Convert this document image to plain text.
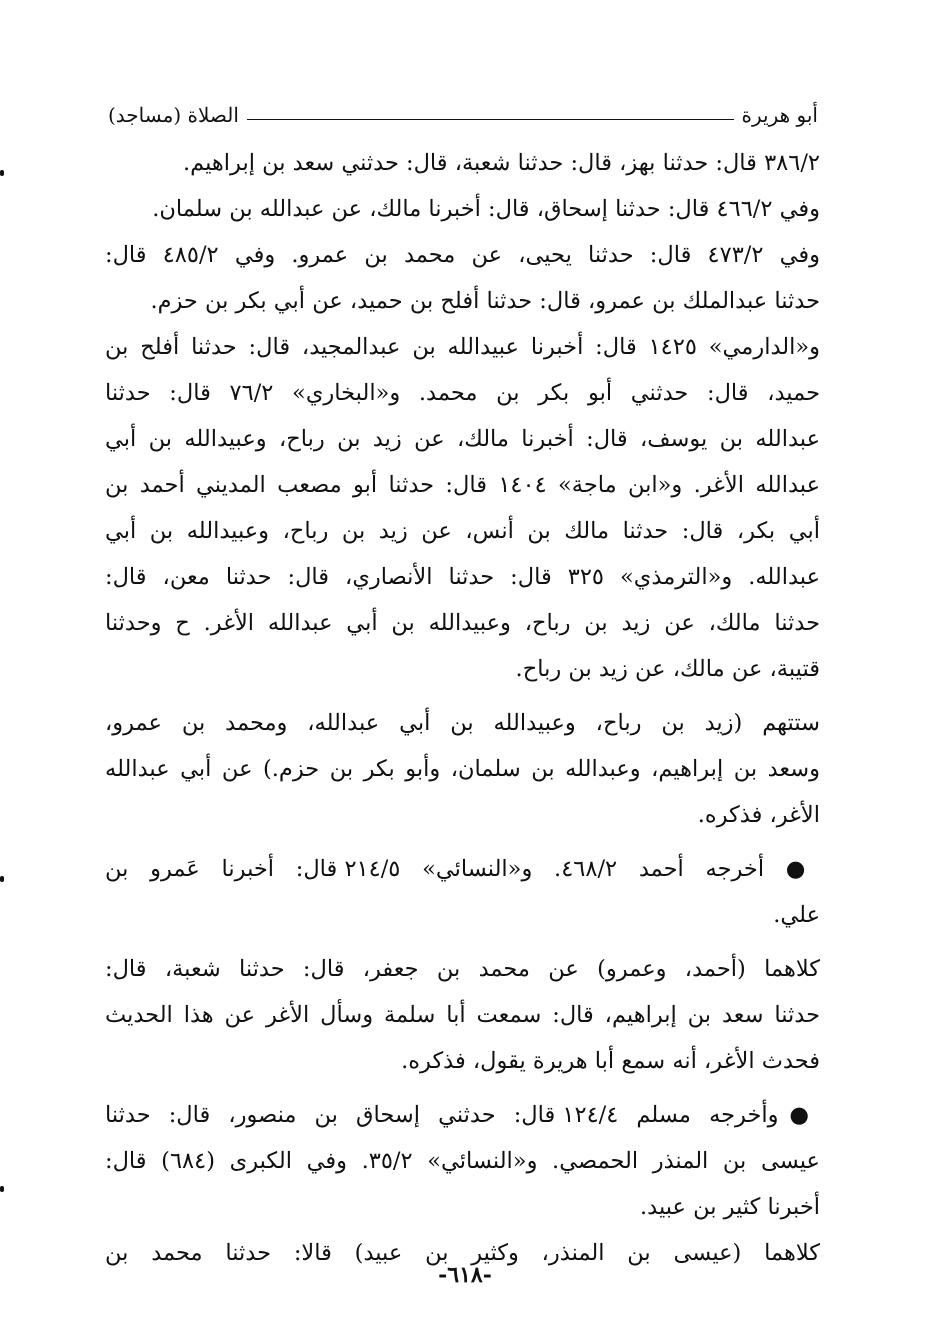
الصلاة (مساجد)	أبو هريرة
٣٨٦/٢ قال: حدثنا بهز، قال: حدثنا شعبة، قال: حدثني سعد بن إبراهيم.
وفي ٤٦٦/٢ قال: حدثنا إسحاق، قال: أخبرنا مالك، عن عبدالله بن سلمان.
وفي ٤٧٣/٢ قال: حدثنا يحيى، عن محمد بن عمرو. وفي ٤٨٥/٢ قال:
حدثنا عبدالملك بن عمرو، قال: حدثنا أفلح بن حميد، عن أبي بكر بن حزم.
و«الدارمي» ١٤٢٥ قال: أخبرنا عبيدالله بن عبدالمجيد، قال: حدثنا أفلح بن
حميد، قال: حدثني أبو بكر بن محمد. و«البخاري» ٧٦/٢ قال: حدثنا
عبدالله بن يوسف، قال: أخبرنا مالك، عن زيد بن رباح، وعبيدالله بن أبي
عبدالله الأغر. و«ابن ماجة» ١٤٠٤ قال: حدثنا أبو مصعب المديني أحمد بن
أبي بكر، قال: حدثنا مالك بن أنس، عن زيد بن رباح، وعبيدالله بن أبي
عبدالله. و«الترمذي» ٣٢٥ قال: حدثنا الأنصاري، قال: حدثنا معن، قال:
حدثنا مالك، عن زيد بن رباح، وعبيدالله بن أبي عبدالله الأغر. ح وحدثنا
قتيبة، عن مالك، عن زيد بن رباح.
ستتهم (زيد بن رباح، وعبيدالله بن أبي عبدالله، ومحمد بن عمرو،
وسعد بن إبراهيم، وعبدالله بن سلمان، وأبو بكر بن حزم.) عن أبي عبدالله
الأغر، فذكره.
● أخرجه أحمد ٤٦٨/٢. و«النسائي» ٢١٤/٥ قال: أخبرنا عَمرو بن
علي.
كلاهما (أحمد، وعمرو) عن محمد بن جعفر، قال: حدثنا شعبة، قال:
حدثنا سعد بن إبراهيم، قال: سمعت أبا سلمة وسأل الأغر عن هذا الحديث
فحدث الأغر، أنه سمع أبا هريرة يقول، فذكره.
●وأخرجه مسلم ١٢٤/٤ قال: حدثني إسحاق بن منصور، قال: حدثنا
عيسى بن المنذر الحمصي. و«النسائي» ٣٥/٢. وفي الكبرى (٦٨٤) قال:
أخبرنا كثير بن عبيد.
كلاهما (عيسى بن المنذر، وكثير بن عبيد) قالا: حدثنا محمد بن
-٦١٨-
